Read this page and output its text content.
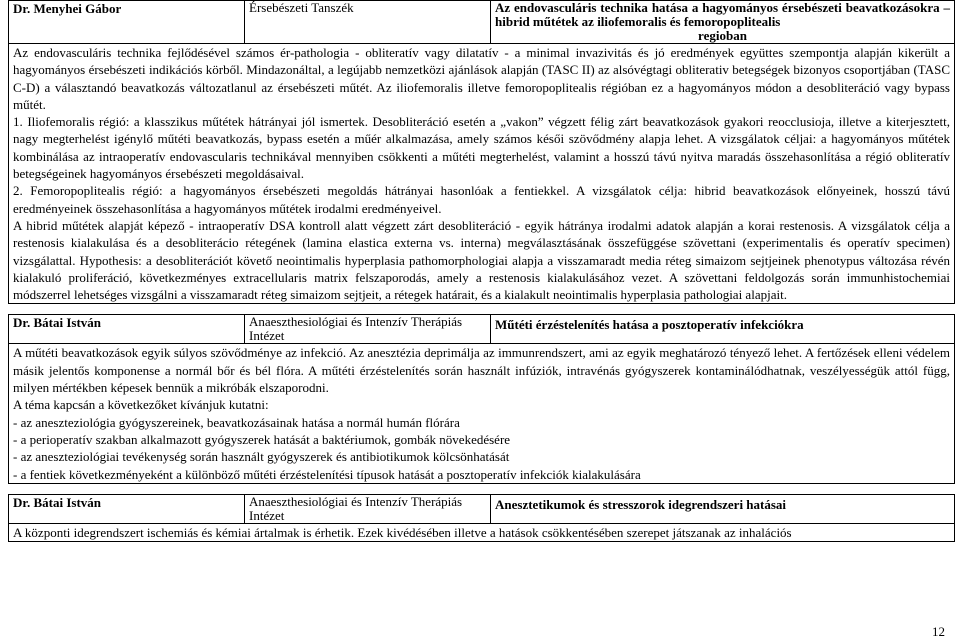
Dr. Menyhei Gábor	Érsebészeti Tanszék	Az endovasculáris technika hatása a hagyományos érsebészeti beavatkozásokra – hibrid műtétek az iliofemoralis és femoropoplitealis
regioban

Az endovasculáris technika fejlődésével számos ér-pathologia - obliteratív vagy dilatatív - a minimal invazivitás és jó eredmények együttes szempontja alapján kikerült a hagyományos érsebészeti indikációs körből. Mindazonáltal, a legújabb nemzetközi ajánlások alapján (TASC II) az alsóvégtagi obliterativ betegségek bizonyos csoportjában (TASC C-D) a választandó beavatkozás változatlanul az érsebészeti műtét. Az iliofemoralis illetve femoropoplitealis régióban ez a hagyományos módon a desobliteráció vagy bypass műtét.

1.	Iliofemoralis régió: a klasszikus műtétek hátrányai jól ismertek. Desobliteráció esetén a „vakon” végzett félig zárt beavatkozások gyakori reocclusioja, illetve a kiterjesztett, nagy megterhelést igénylő műtéti beavatkozás, bypass esetén a műér alkalmazása, amely számos késői szövődmény alapja lehet. A vizsgálatok céljai: a hagyományos műtétek kombinálása az intraoperatív endovascularis technikával mennyiben csökkenti a műtéti megterhelést, valamint a hosszú távú nyitva maradás összehasonlítása a régió obliteratív betegségeinek hagyományos érsebészeti megoldásaival.

2.	Femoropoplitealis régió: a hagyományos érsebészeti megoldás hátrányai hasonlóak a fentiekkel. A vizsgálatok célja: hibrid beavatkozások előnyeinek, hosszú távú eredményeinek összehasonlítása a hagyományos műtétek irodalmi eredményeivel.

A hibrid műtétek alapját képező - intraoperatív DSA kontroll alatt végzett zárt desobliteráció - egyik hátránya irodalmi adatok alapján a korai restenosis. A vizsgálatok célja a restenosis kialakulása és a desobliterácio rétegének (lamina elastica externa vs. interna) megválasztásának összefüggése szövettani (experimentalis és operatív specimen) vizsgálattal. Hypothesis: a desobliterációt követő neointimalis hyperplasia pathomorphologiai alapja a visszamaradt media réteg simaizom sejtjeinek phenotypus változása révén kialakuló proliferáció, következményes extracellularis matrix felszaporodás, amely a restenosis kialakulásához vezet. A szövettani feldolgozás során immunhistochemiai módszerrel lehetséges vizsgálni a visszamaradt réteg simaizom sejtjeit, a rétegek határait, és a kialakult neointimalis hyperplasia pathologiai alapjait.

Dr. Bátai István	Anaeszthesiológiai és Intenzív Therápiás Intézet	Műtéti érzéstelenítés hatása a posztoperatív infekciókra

A műtéti beavatkozások egyik súlyos szövődménye az infekció. Az anesztézia deprimálja az immunrendszert, ami az egyik meghatározó tényező lehet. A fertőzések elleni védelem másik jelentős komponense a normál bőr és bél flóra. A műtéti érzéstelenítés során használt infúziók, intravénás gyógyszerek kontaminálódhatnak, veszélyességük attól függ, milyen mértékben képesek bennük a mikróbák elszaporodni.

A téma kapcsán a következőket kívánjuk kutatni:

- az aneszteziológia gyógyszereinek, beavatkozásainak hatása a normál humán flórára

- a perioperatív szakban alkalmazott gyógyszerek hatását a baktériumok, gombák növekedésére

- az aneszteziológiai tevékenység során használt gyógyszerek és antibiotikumok kölcsönhatását

- a fentiek következményeként a különböző műtéti érzéstelenítési típusok hatását a posztoperatív infekciók kialakulására

Dr. Bátai István	Anaeszthesiológiai és Intenzív Therápiás Intézet	Anesztetikumok és stresszorok idegrendszeri hatásai

A központi idegrendszert ischemiás és kémiai ártalmak is érhetik. Ezek kivédésében illetve a hatások csökkentésében szerepet játszanak az inhalációs

12
